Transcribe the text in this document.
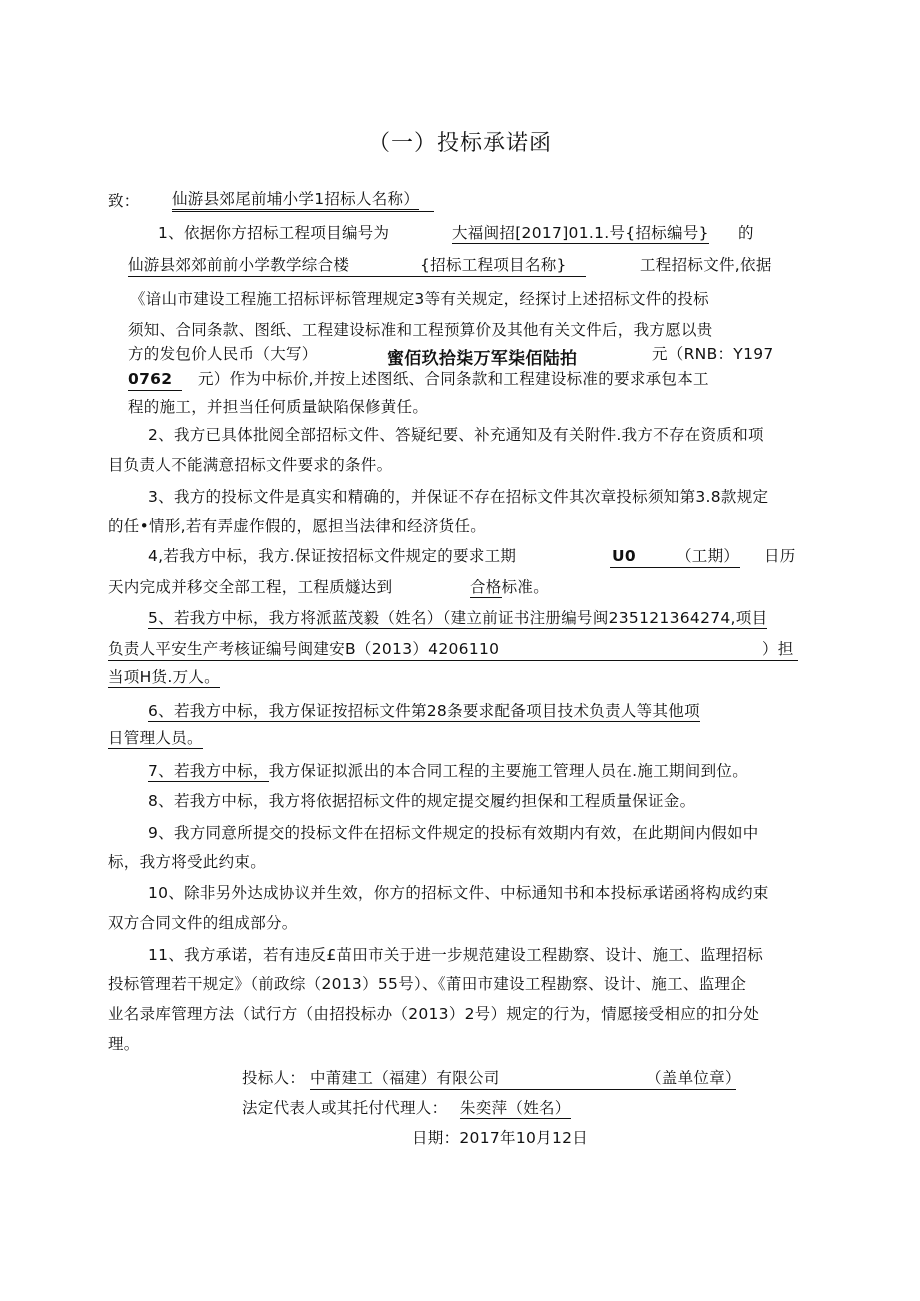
（一）投标承诺函
致： 仙游县郊尾前埔小学1招标人名称）
1、依据你方招标工程项目编号为	大福闽招[2017]01.1.号{招标编号} 的
仙游县郊郊前前小学教学综合楼	{招标工程项目名称}	工程招标文件,依据
《谙山市建设工程施工招标评标管理规定3等有关规定，经探讨上述招标文件的投标
须知、合同条款、图纸、工程建设标准和工程预算价及其他有关文件后，我方愿以贵
方的发包价人民币（大写）	蜜佰玖拾柒万军柒佰陆拍	元（RNB：Y197
0762 元）作为中标价,并按上述图纸、合同条款和工程建设标准的要求承包本工
程的施工，并担当任何质量缺陷保修黄任。
2、我方已具体批阅全部招标文件、答疑纪要、补充通知及有关附件.我方不存在资质和项
目负责人不能满意招标文件要求的条件。
3、我方的投标文件是真实和精确的，并保证不存在招标文件其次章投标须知第3.8款规定
的任•情形,若有弄虚作假的，愿担当法律和经济货任。
4,若我方中标，我方.保证按招标文件规定的要求工期	U0	（工期） 日历
天内完成并移交全部工程，工程质燧达到	合格标准。
5、若我方中标，我方将派蓝茂毅（姓名）（建立前证书注册编号闽235121364274,项目
负责人平安生产考核证编号闽建安B（2013）4206110	）担
当项H货.万人。
6、若我方中标，我方保证按招标文件第28条要求配备项目技术负责人等其他项
日管理人员。
7、若我方中标，我方保证拟派出的本合同工程的主要施工管理人员在.施工期间到位。
8、若我方中标，我方将依据招标文件的规定提交履约担保和工程质量保证金。
9、我方同意所提交的投标文件在招标文件规定的投标有效期内有效，在此期间内假如中
标，我方将受此约束。
10、除非另外达成协议并生效，你方的招标文件、中标通知书和本投标承诺函将构成约束
双方合同文件的组成部分。
11、我方承诺，若有违反£苗田市关于进一步规范建设工程勘察、设计、施工、监理招标
投标管理若干规定》（前政综（2013）55号）、《莆田市建设工程勘察、设计、施工、监理企
业名录库管理方法（试行方（由招投标办（2013）2号）规定的行为，情愿接受相应的扣分处
理。
投标人： 中莆建工（福建）有限公司	（盖单位章）
法定代表人或其托付代理人： 朱奕萍（姓名）
日期：2017年10月12日
